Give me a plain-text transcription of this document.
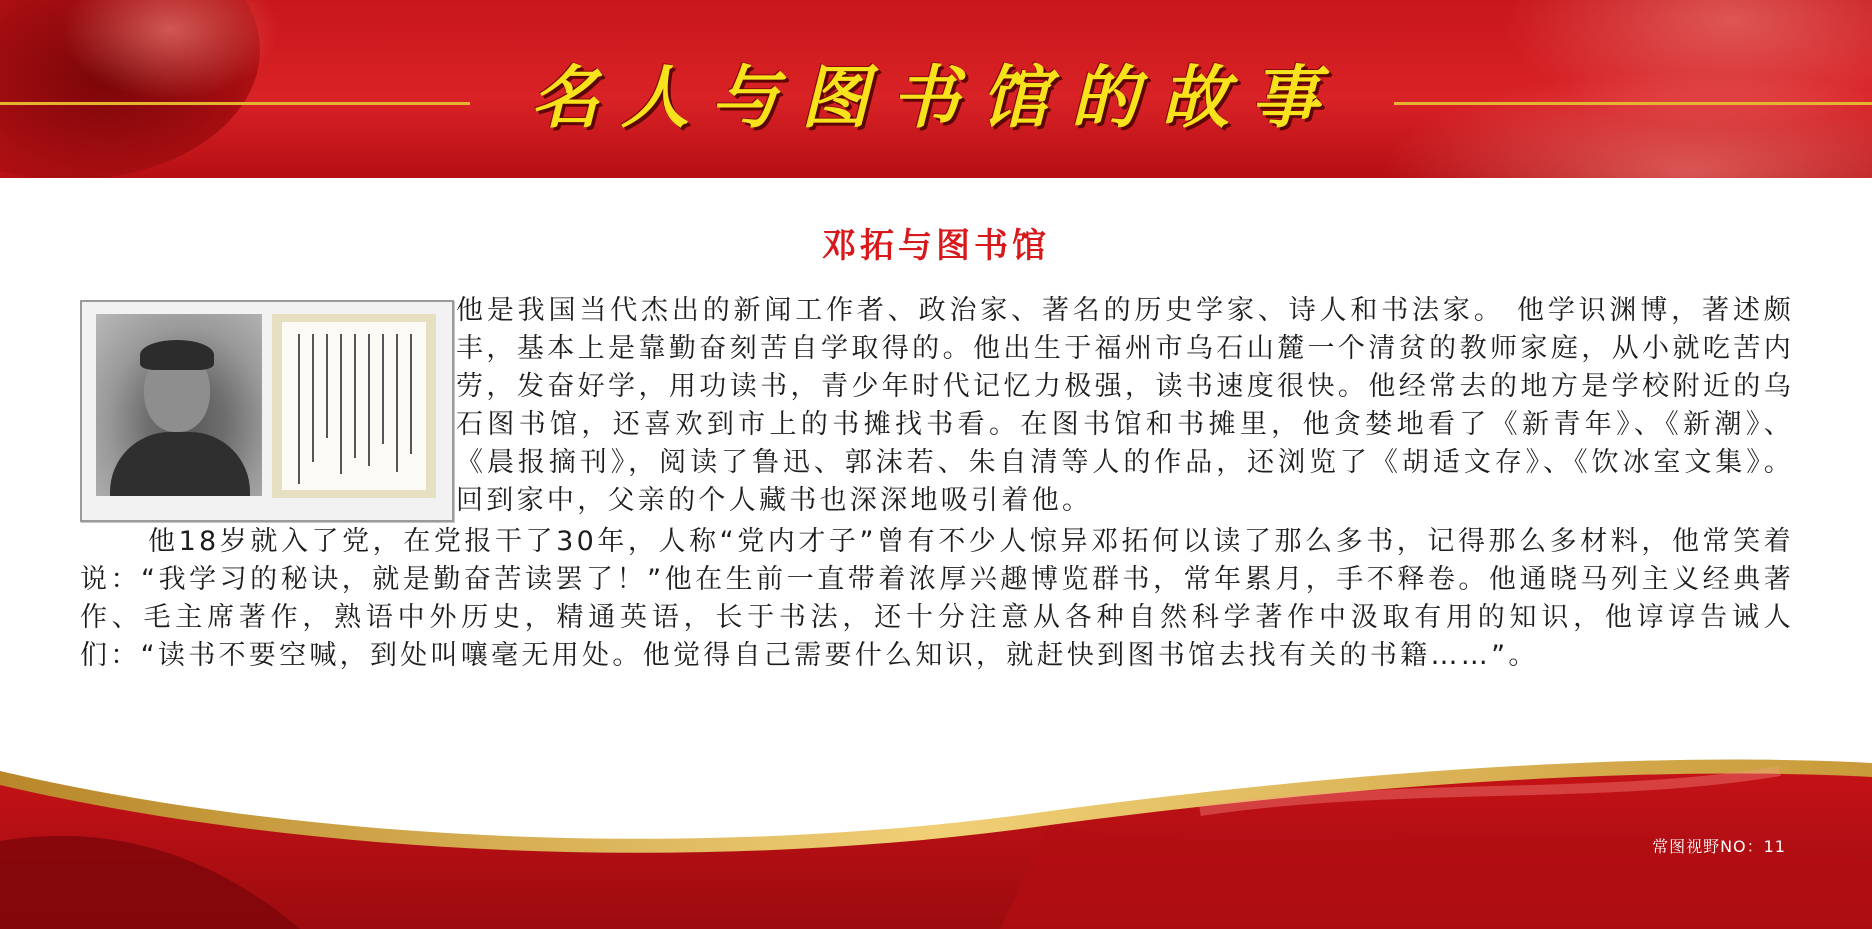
名人与图书馆的故事
邓拓与图书馆

他是我国当代杰出的新闻工作者、政治家、著名的历史学家、诗人和书法家。 他学识渊博，著述颇丰，基本上是靠勤奋刻苦自学取得的。他出生于福州市乌石山麓一个清贫的教师家庭，从小就吃苦内劳，发奋好学，用功读书，青少年时代记忆力极强，读书速度很快。他经常去的地方是学校附近的乌石图书馆，还喜欢到市上的书摊找书看。在图书馆和书摊里，他贪婪地看了《新青年》、《新潮》、《晨报摘刊》，阅读了鲁迅、郭沫若、朱自清等人的作品，还浏览了《胡适文存》、《饮冰室文集》。回到家中，父亲的个人藏书也深深地吸引着他。

他18岁就入了党，在党报干了30年，人称“党内才子”曾有不少人惊异邓拓何以读了那么多书，记得那么多材料，他常笑着说：“我学习的秘诀，就是勤奋苦读罢了！”他在生前一直带着浓厚兴趣博览群书，常年累月，手不释卷。他通晓马列主义经典著作、毛主席著作，熟语中外历史，精通英语，长于书法，还十分注意从各种自然科学著作中汲取有用的知识，他谆谆告诫人们：“读书不要空喊，到处叫嚷毫无用处。他觉得自己需要什么知识，就赶快到图书馆去找有关的书籍……”。

常图视野NO：11
